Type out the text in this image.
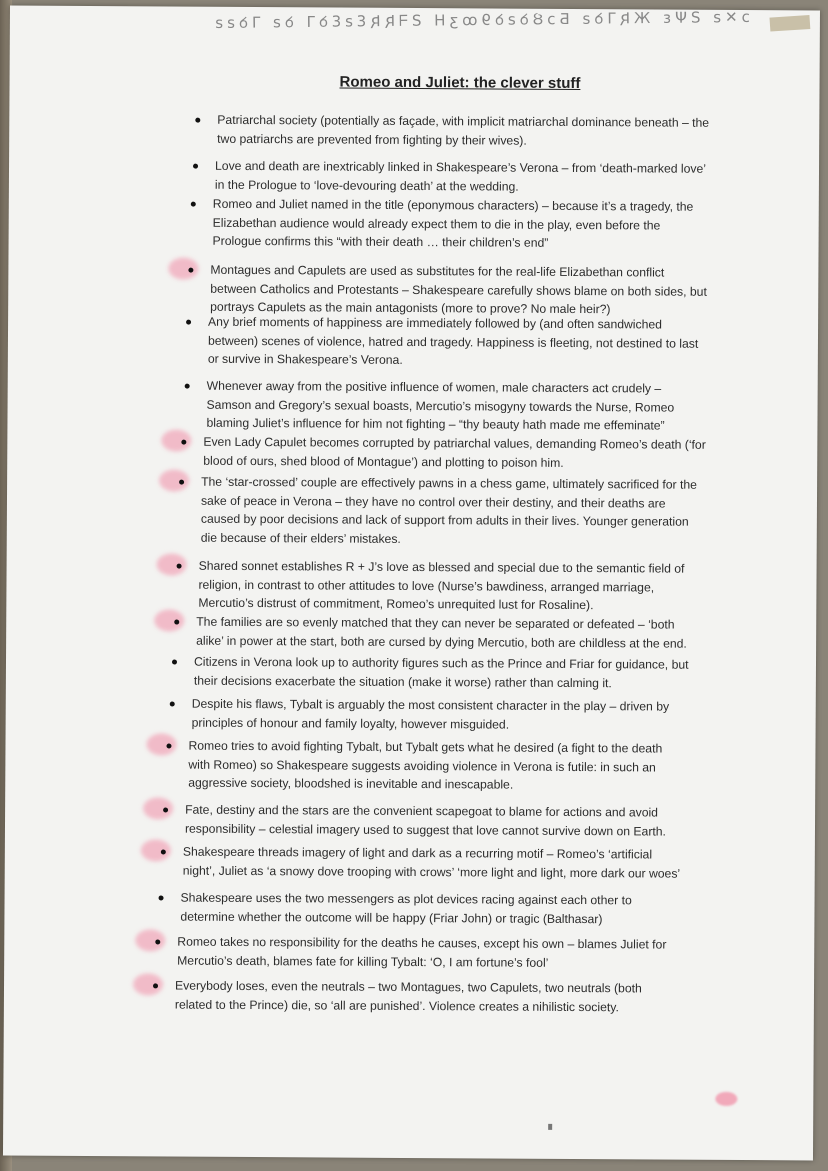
ɔ✕ƨ ƧΨɛ ЖƦ⅂ꝺƨ ƂɔȢꝺƨꝺ9ꝏʒH ƧᖷƦƦƐƨƐꝺ⅂ ꝺƨ ⅂ꝺƨƨ
Romeo and Juliet: the clever stuff
Patriarchal society (potentially as façade, with implicit matriarchal dominance beneath – the
two patriarchs are prevented from fighting by their wives).
Love and death are inextricably linked in Shakespeare’s Verona – from ‘death-marked love’
in the Prologue to ‘love-devouring death’ at the wedding.
Romeo and Juliet named in the title (eponymous characters) – because it’s a tragedy, the
Elizabethan audience would already expect them to die in the play, even before the
Prologue confirms this “with their death … their children’s end”
Montagues and Capulets are used as substitutes for the real-life Elizabethan conflict
between Catholics and Protestants – Shakespeare carefully shows blame on both sides, but
portrays Capulets as the main antagonists (more to prove? No male heir?)
Any brief moments of happiness are immediately followed by (and often sandwiched
between) scenes of violence, hatred and tragedy. Happiness is fleeting, not destined to last
or survive in Shakespeare’s Verona.
Whenever away from the positive influence of women, male characters act crudely –
Samson and Gregory’s sexual boasts, Mercutio’s misogyny towards the Nurse, Romeo
blaming Juliet’s influence for him not fighting – “thy beauty hath made me effeminate”
Even Lady Capulet becomes corrupted by patriarchal values, demanding Romeo’s death (‘for
blood of ours, shed blood of Montague’) and plotting to poison him.
The ‘star-crossed’ couple are effectively pawns in a chess game, ultimately sacrificed for the
sake of peace in Verona – they have no control over their destiny, and their deaths are
caused by poor decisions and lack of support from adults in their lives. Younger generation
die because of their elders’ mistakes.
Shared sonnet establishes R + J’s love as blessed and special due to the semantic field of
religion, in contrast to other attitudes to love (Nurse’s bawdiness, arranged marriage,
Mercutio’s distrust of commitment, Romeo’s unrequited lust for Rosaline).
The families are so evenly matched that they can never be separated or defeated – ‘both
alike’ in power at the start, both are cursed by dying Mercutio, both are childless at the end.
Citizens in Verona look up to authority figures such as the Prince and Friar for guidance, but
their decisions exacerbate the situation (make it worse) rather than calming it.
Despite his flaws, Tybalt is arguably the most consistent character in the play – driven by
principles of honour and family loyalty, however misguided.
Romeo tries to avoid fighting Tybalt, but Tybalt gets what he desired (a fight to the death
with Romeo) so Shakespeare suggests avoiding violence in Verona is futile: in such an
aggressive society, bloodshed is inevitable and inescapable.
Fate, destiny and the stars are the convenient scapegoat to blame for actions and avoid
responsibility – celestial imagery used to suggest that love cannot survive down on Earth.
Shakespeare threads imagery of light and dark as a recurring motif – Romeo’s ‘artificial
night’, Juliet as ‘a snowy dove trooping with crows’ ‘more light and light, more dark our woes’
Shakespeare uses the two messengers as plot devices racing against each other to
determine whether the outcome will be happy (Friar John) or tragic (Balthasar)
Romeo takes no responsibility for the deaths he causes, except his own – blames Juliet for
Mercutio’s death, blames fate for killing Tybalt: ‘O, I am fortune’s fool’
Everybody loses, even the neutrals – two Montagues, two Capulets, two neutrals (both
related to the Prince) die, so ‘all are punished’. Violence creates a nihilistic society.
